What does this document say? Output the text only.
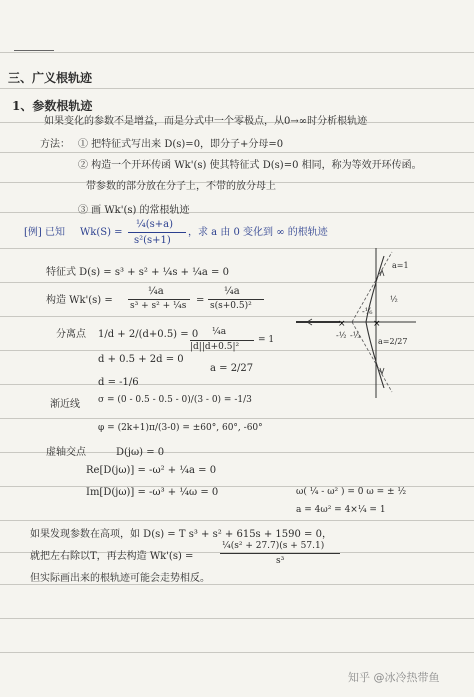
三、广义根轨迹
1、参数根轨迹
如果变化的参数不是增益，而是分式中一个零极点，从0→∞时分析根轨迹
方法： ① 把特征式写出来 D(s)=0，即分子+分母=0
② 构造一个开环传函 Wk'(s) 使其特征式 D(s)=0 相同，称为等效开环传函。
带参数的部分放在分子上，不带的放分母上
③ 画 Wk'(s) 的常根轨迹
[例] 已知 Wk(S) =
¼(s+a)
s²(s+1)
，求 a 由 0 变化到 ∞ 的根轨迹
特征式 D(s) = s³ + s² + ¼s + ¼a = 0
构造 Wk'(s) =
¼a
s³ + s² + ¼s =
¼a
s(s+0.5)²
分离点 1/d + 2/(d+0.5) = 0
d + 0.5 + 2d = 0
d = -1/6
¼a
|d||d+0.5|²
= 1
a = 2/27
渐近线 σ = (0 - 0.5 - 0.5 - 0)/(3 - 0) = -1/3
φ = (2k+1)π/(3-0) = ±60°, 60°, -60°
虚轴交点	D(jω) = 0
Re[D(jω)] = -ω² + ¼a = 0
Im[D(jω)] = -ω³ + ¼ω = 0	ω( ¼ - ω² ) = 0 ω = ± ½
a = 4ω² = 4×¼ = 1
如果发现参数在高项，如 D(s) = T s³ + s² + 615s + 1590 = 0，
就把左右除以T，再去构造 Wk'(s) =
¼(s² + 27.7)(s + 57.1)
s³
但实际画出来的根轨迹可能会走势相反。
×
×
a=1
½
-½ -⅓
-⅙
a=2/27
知乎 @冰冷热带鱼
